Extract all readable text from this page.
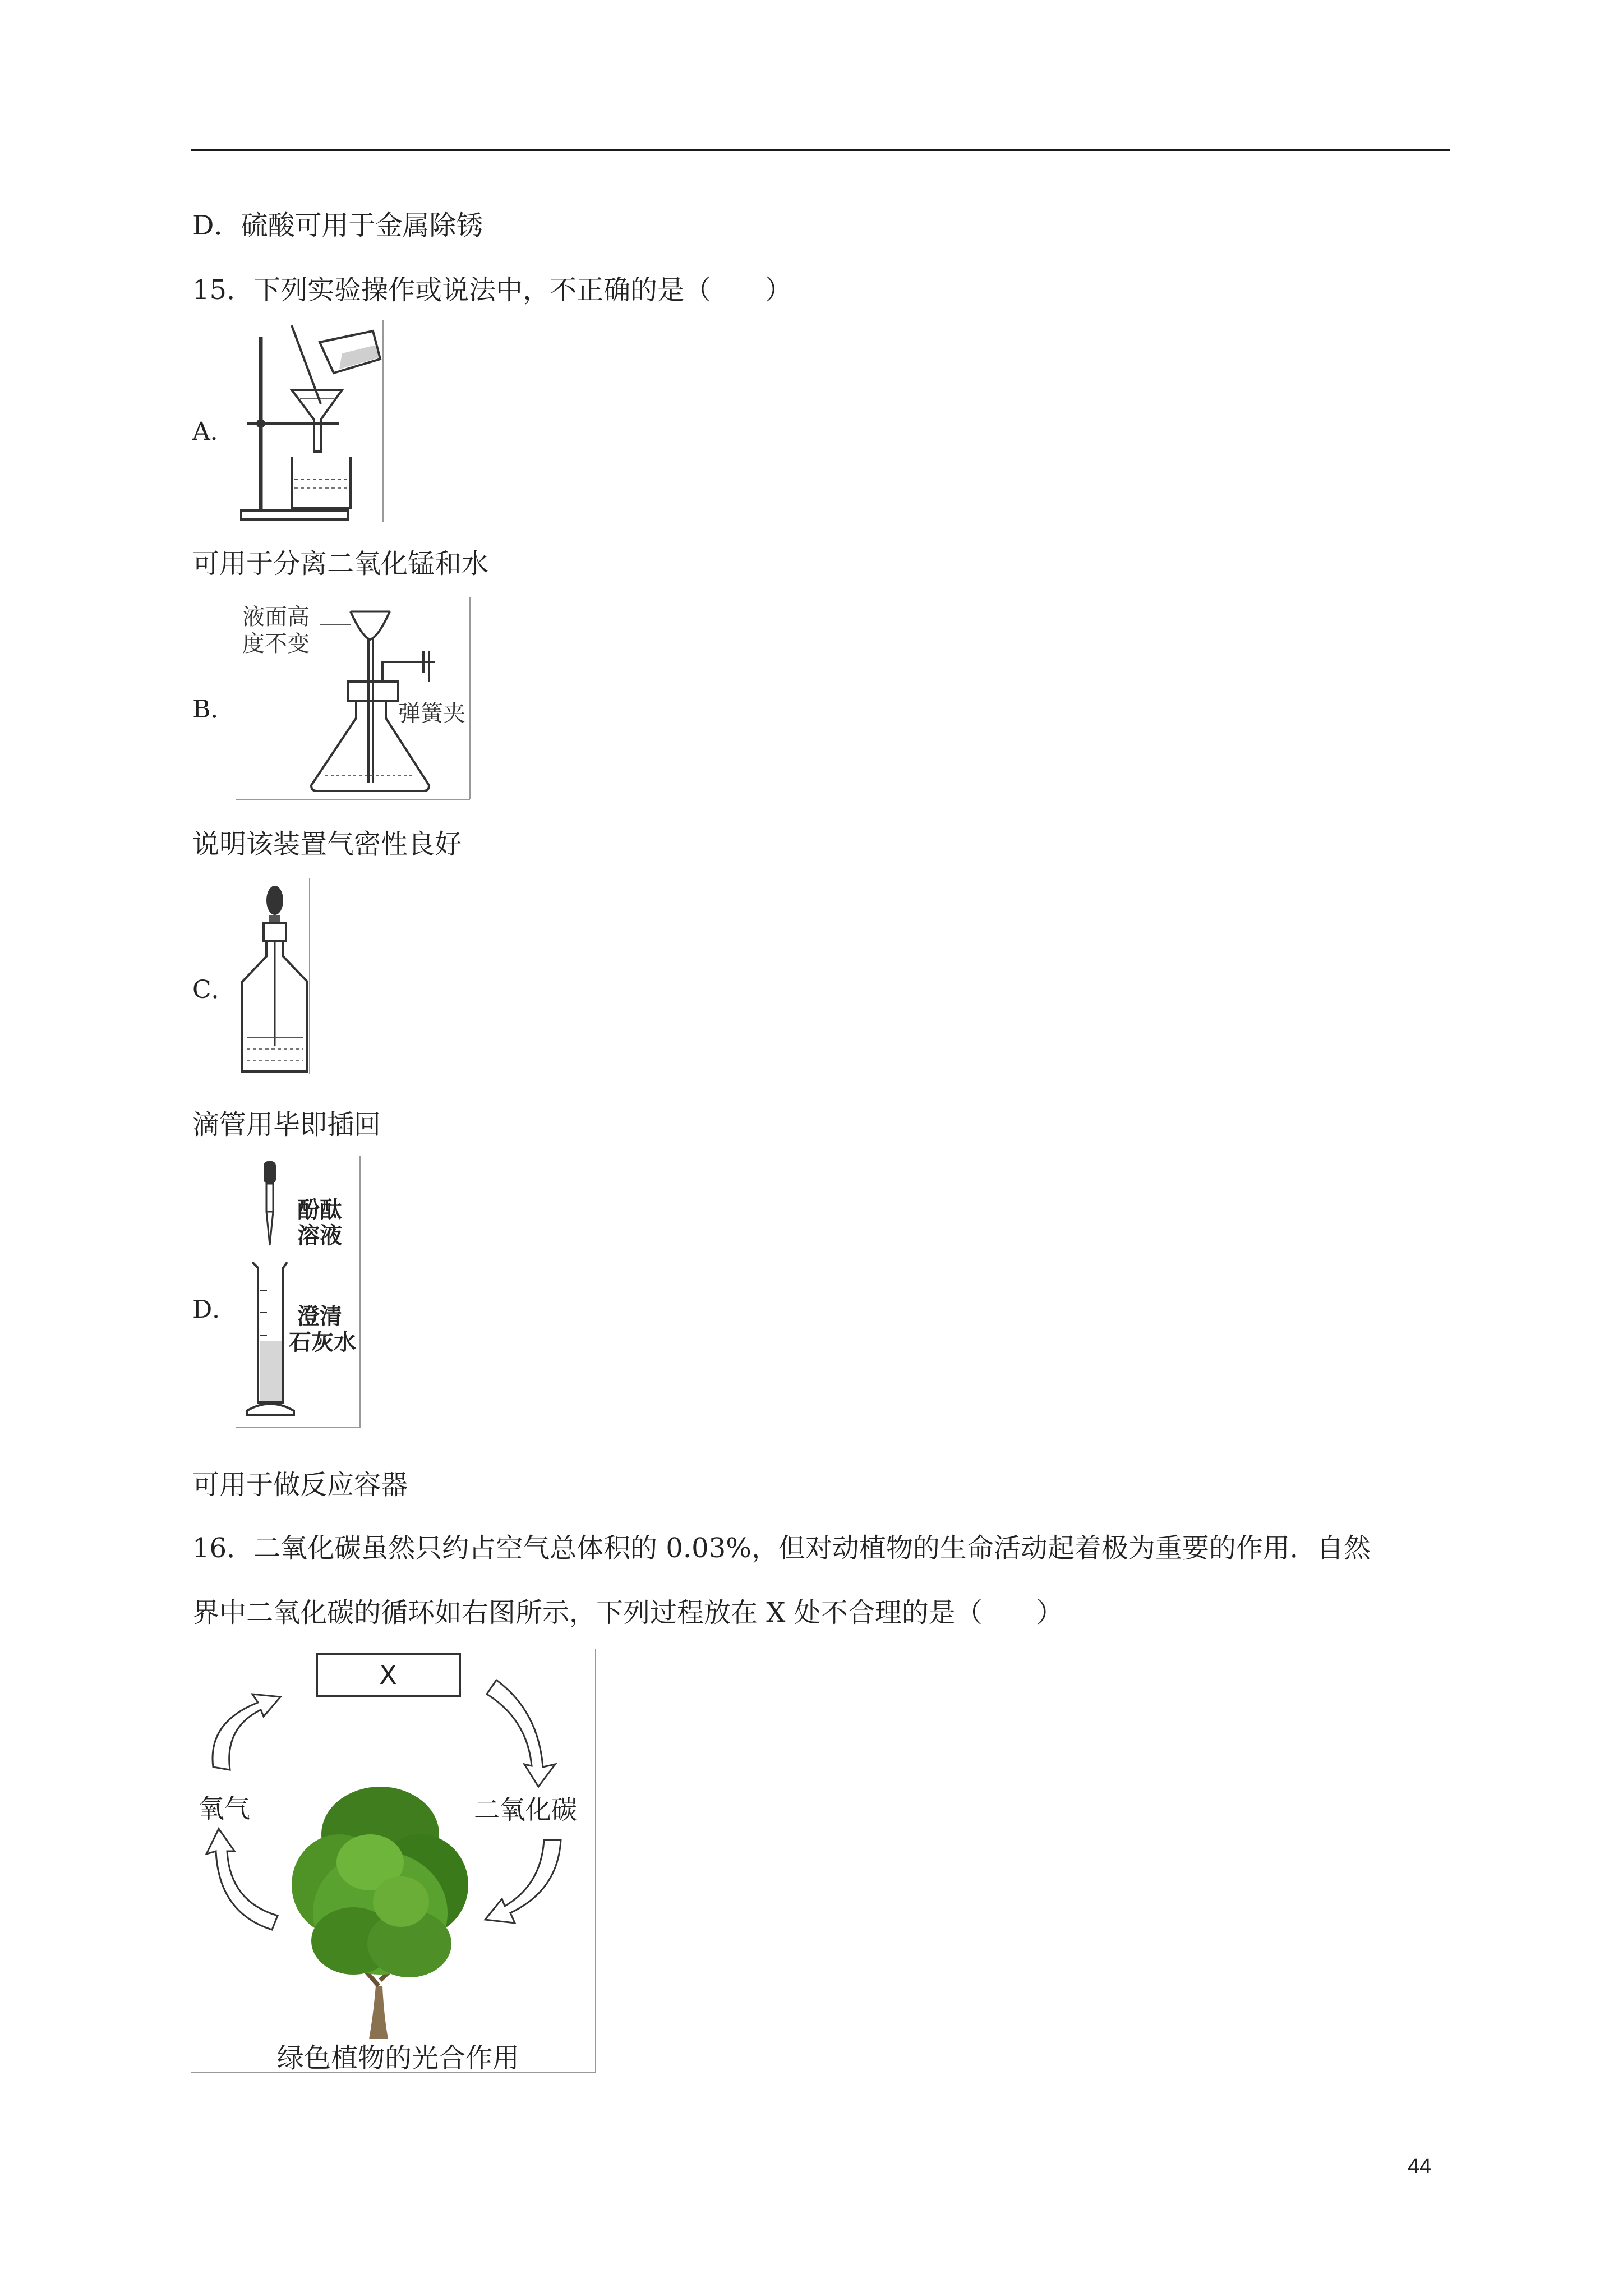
D．硫酸可用于金属除锈
15．下列实验操作或说法中，不正确的是（　　）
A．
可用于分离二氧化锰和水
B．
液面高
度不变
弹簧夹
说明该装置气密性良好
C．
滴管用毕即插回
D．
酚酞
溶液
澄清
石灰水
可用于做反应容器
16．二氧化碳虽然只约占空气总体积的 0.03%，但对动植物的生命活动起着极为重要的作用．自然
界中二氧化碳的循环如右图所示，下列过程放在 X 处不合理的是（　　）
X
氧气	二氧化碳
绿色植物的光合作用
44
